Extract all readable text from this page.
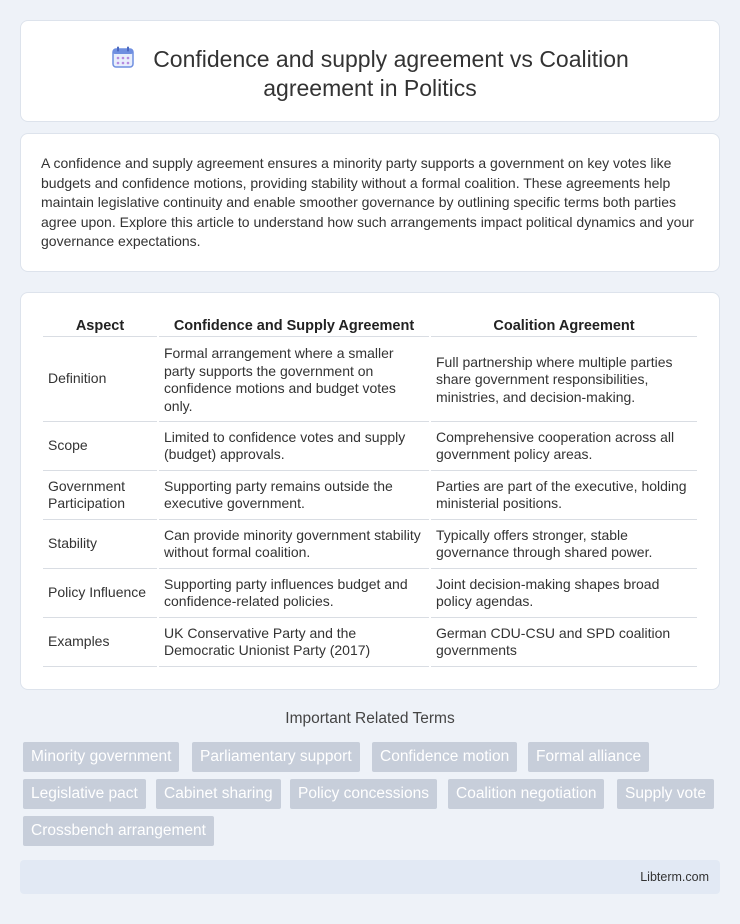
Confidence and supply agreement vs Coalition
agreement in Politics

A confidence and supply agreement ensures a minority party supports a government on key votes like budgets and confidence motions, providing stability without a formal coalition. These agreements help maintain legislative continuity and enable smoother governance by outlining specific terms both parties agree upon. Explore this article to understand how such arrangements impact political dynamics and your governance expectations.

Aspect	Confidence and Supply Agreement	Coalition Agreement
Definition	Formal arrangement where a smaller party supports the government on confidence motions and budget votes only.	Full partnership where multiple parties share government responsibilities, ministries, and decision-making.
Scope	Limited to confidence votes and supply (budget) approvals.	Comprehensive cooperation across all government policy areas.
Government Participation	Supporting party remains outside the executive government.	Parties are part of the executive, holding ministerial positions.
Stability	Can provide minority government stability without formal coalition.	Typically offers stronger, stable governance through shared power.
Policy Influence	Supporting party influences budget and confidence-related policies.	Joint decision-making shapes broad policy agendas.
Examples	UK Conservative Party and the Democratic Unionist Party (2017)	German CDU-CSU and SPD coalition governments
Important Related Terms
Minority government	Parliamentary support	Confidence motion	Formal alliance
Legislative pact	Cabinet sharing	Policy concessions	Coalition negotiation	Supply vote
Crossbench arrangement
Libterm.com
